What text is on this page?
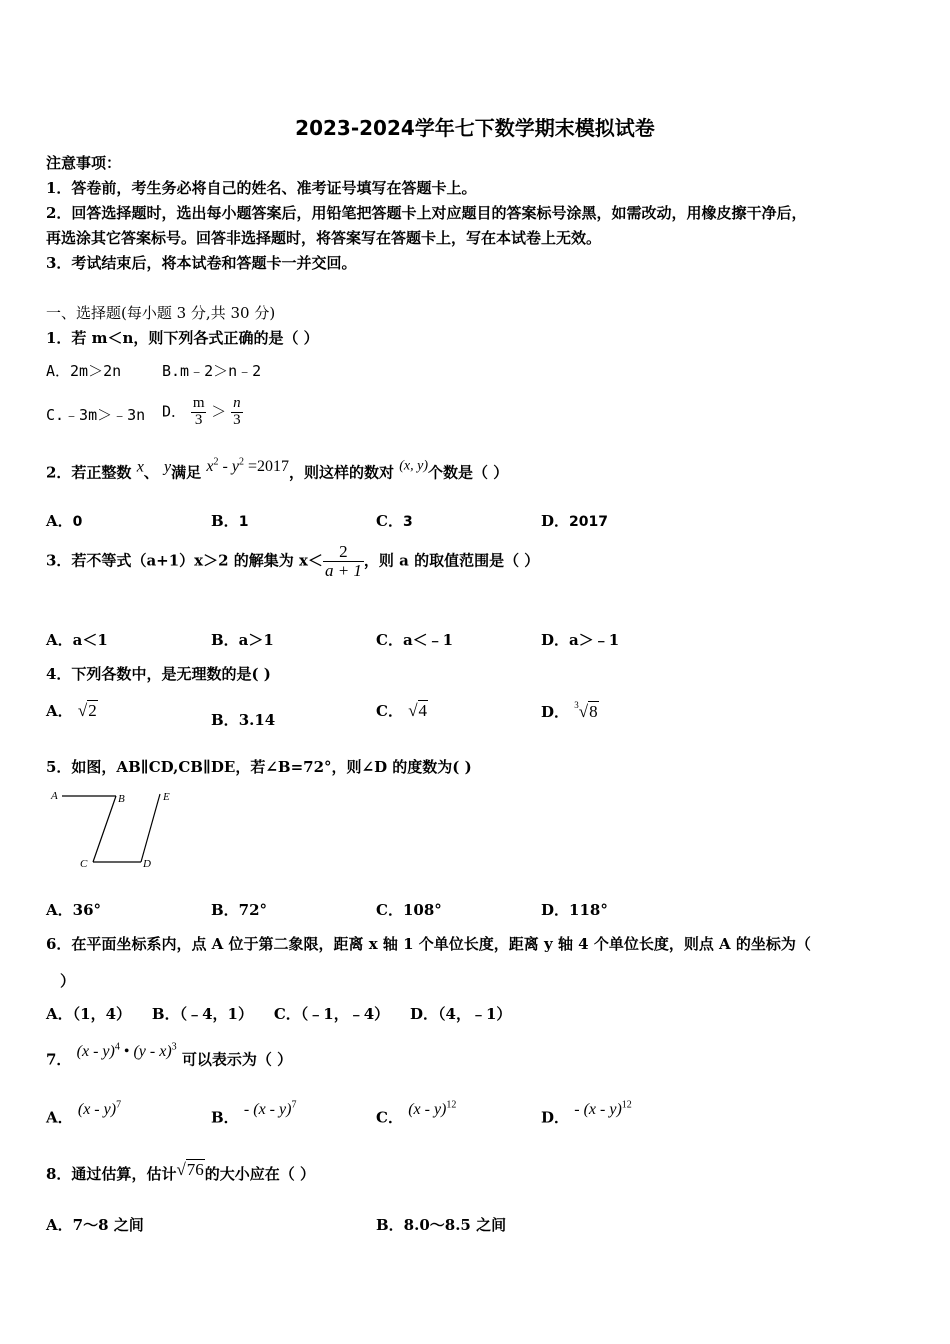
2023-2024学年七下数学期末模拟试卷
注意事项：
1．答卷前，考生务必将自己的姓名、准考证号填写在答题卡上。
2．回答选择题时，选出每小题答案后，用铅笔把答题卡上对应题目的答案标号涂黑，如需改动，用橡皮擦干净后，
再选涂其它答案标号。回答非选择题时，将答案写在答题卡上，写在本试卷上无效。
3．考试结束后，将本试卷和答题卡一并交回。
一、选择题(每小题 3 分,共 30 分)
1．若 m＜n，则下列各式正确的是（ ）
A．2m＞2n	B.m﹣2＞n﹣2
C.﹣3m＞﹣3n D． $\frac{m}{3} > \frac{n}{3}$
2．若正整数 x、 y满足 $x^2 - y^2 =2017$，则这样的数对 (x, y)个数是（ ）
A．0	B．1	C．3	D．2017
3．若不等式（a+1）x＞2 的解集为 $x< \frac{2}{a + 1}$ ，则 a 的取值范围是（ ）
A．a＜1	B．a＞1	C．a＜﹣1	D．a＞﹣1
4．下列各数中，是无理数的是( )
A． √2	B．3.14	C． √4	D． $^3$√8
5．如图，AB∥CD,CB∥DE，若∠B=72°，则∠D 的度数为( )
A	B
C	D
E
A．36°	B．72°	C．108°	D．118°
6．在平面坐标系内，点 A 位于第二象限，距离 x 轴 1 个单位长度，距离 y 轴 4 个单位长度，则点 A 的坐标为（
）
A．（1，4）    B．（﹣4，1）    C．（﹣1，﹣4）    D．（4，﹣1）
7． (x - y)$^4$ • (y - x)$^3$ 可以表示为（ ）
A． (x - y)$^7$
B． - (x - y)$^7$
C． (x - y)$^{12}$
D． - (x - y)$^{12}$
8．通过估算，估计√76的大小应在（ ）
A．7～8 之间	B．8.0～8.5 之间
